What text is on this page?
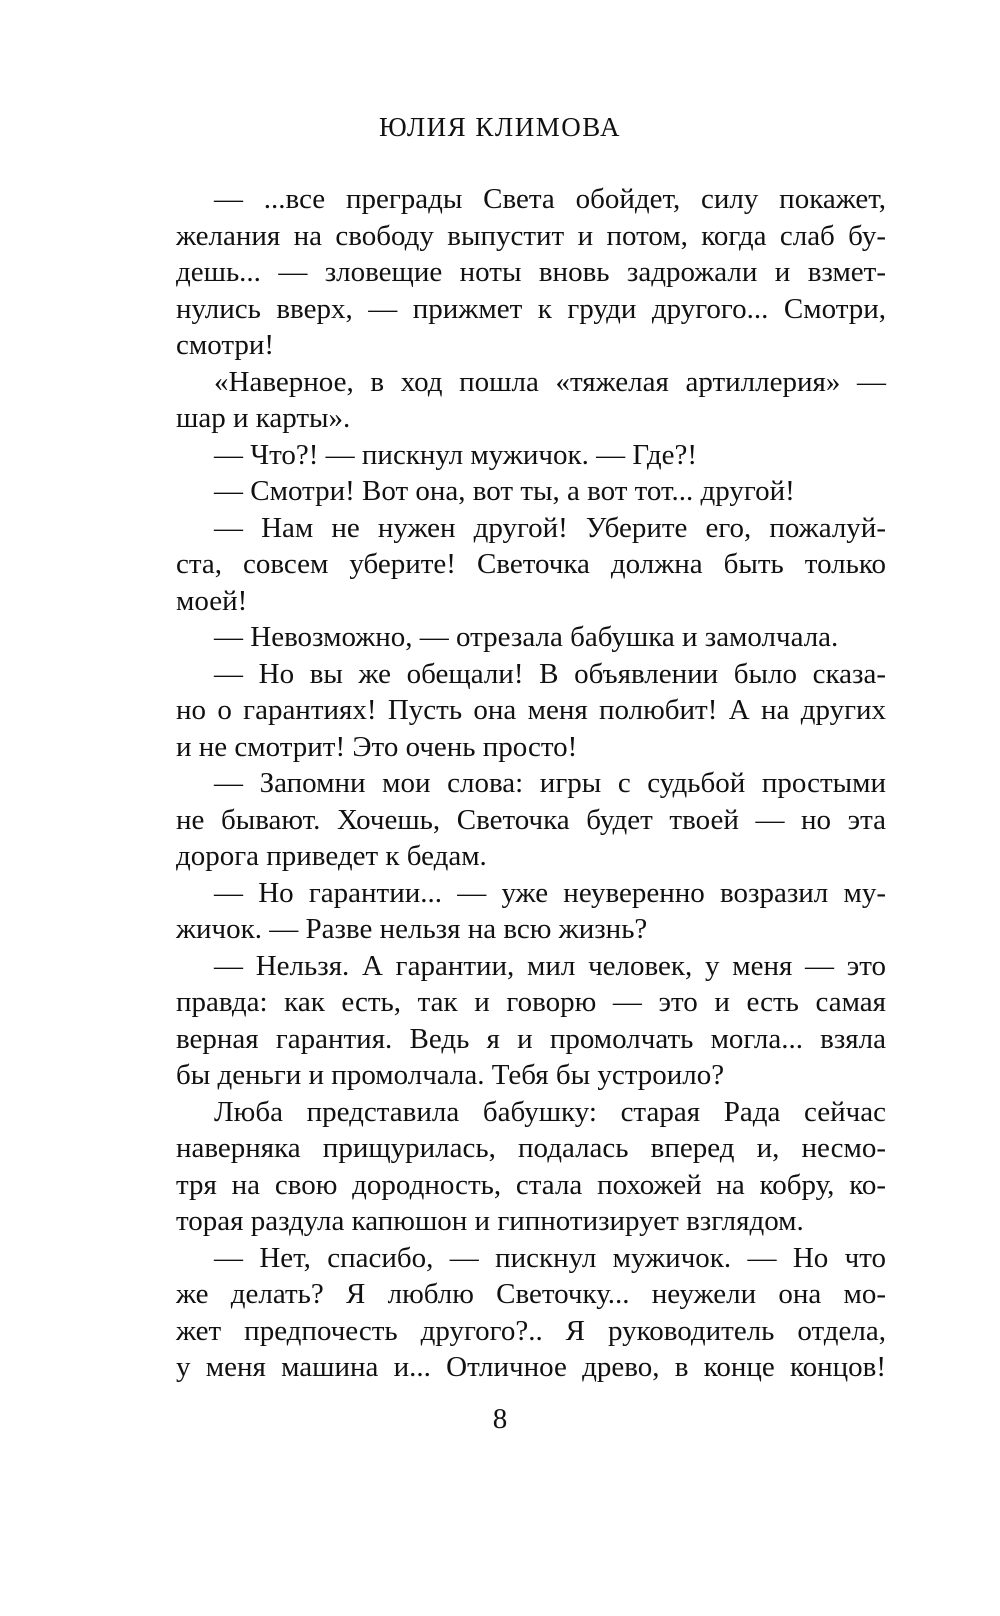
ЮЛИЯ КЛИМОВА
— ...все преграды Света обойдет, силу покажет,
желания на свободу выпустит и потом, когда слаб бу-
дешь... — зловещие ноты вновь задрожали и взмет-
нулись вверх, — прижмет к груди другого... Смотри,
смотри!
«Наверное, в ход пошла «тяжелая артиллерия» —
шар и карты».
— Что?! — пискнул мужичок. — Где?!
— Смотри! Вот она, вот ты, а вот тот... другой!
— Нам не нужен другой! Уберите его, пожалуй-
ста, совсем уберите! Светочка должна быть только
моей!
— Невозможно, — отрезала бабушка и замолчала.
— Но вы же обещали! В объявлении было сказа-
но о гарантиях! Пусть она меня полюбит! А на других
и не смотрит! Это очень просто!
— Запомни мои слова: игры с судьбой простыми
не бывают. Хочешь, Светочка будет твоей — но эта
дорога приведет к бедам.
— Но гарантии... — уже неуверенно возразил му-
жичок. — Разве нельзя на всю жизнь?
— Нельзя. А гарантии, мил человек, у меня — это
правда: как есть, так и говорю — это и есть самая
верная гарантия. Ведь я и промолчать могла... взяла
бы деньги и промолчала. Тебя бы устроило?
Люба представила бабушку: старая Рада сейчас
наверняка прищурилась, подалась вперед и, несмо-
тря на свою дородность, стала похожей на кобру, ко-
торая раздула капюшон и гипнотизирует взглядом.
— Нет, спасибо, — пискнул мужичок. — Но что
же делать? Я люблю Светочку... неужели она мо-
жет предпочесть другого?.. Я руководитель отдела,
у меня машина и... Отличное древо, в конце концов!
8
